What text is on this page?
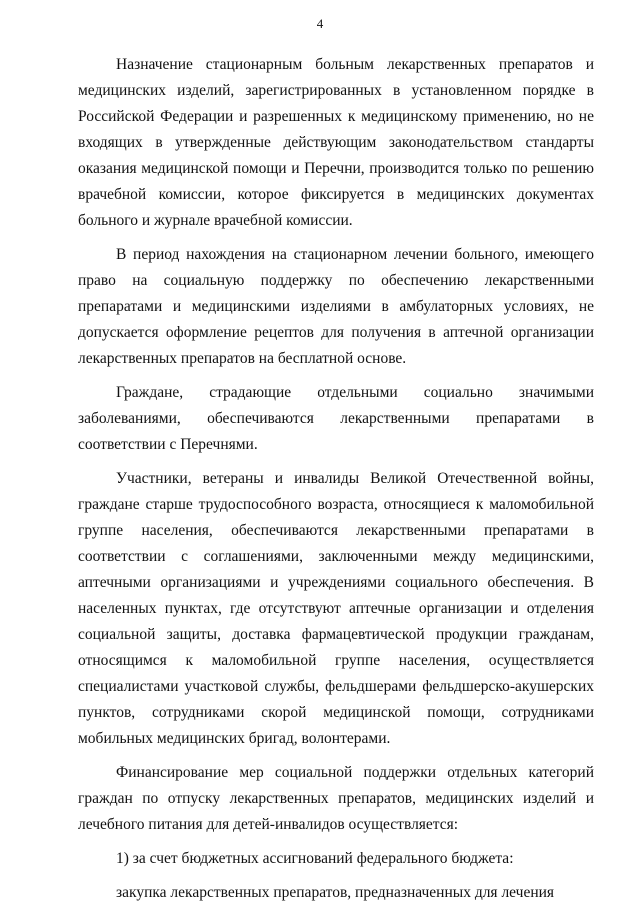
4

Назначение стационарным больным лекарственных препаратов и медицинских изделий, зарегистрированных в установленном порядке в Российской Федерации и разрешенных к медицинскому применению, но не входящих в утвержденные действующим законодательством стандарты оказания медицинской помощи и Перечни, производится только по решению врачебной комиссии, которое фиксируется в медицинских документах больного и журнале врачебной комиссии.

В период нахождения на стационарном лечении больного, имеющего право на социальную поддержку по обеспечению лекарственными препаратами и медицинскими изделиями в амбулаторных условиях, не допускается оформление рецептов для получения в аптечной организации лекарственных препаратов на бесплатной основе.

Граждане, страдающие отдельными социально значимыми заболеваниями, обеспечиваются лекарственными препаратами в соответствии с Перечнями.

Участники, ветераны и инвалиды Великой Отечественной войны, граждане старше трудоспособного возраста, относящиеся к маломобильной группе населения, обеспечиваются лекарственными препаратами в соответствии с соглашениями, заключенными между медицинскими, аптечными организациями и учреждениями социального обеспечения. В населенных пунктах, где отсутствуют аптечные организации и отделения социальной защиты, доставка фармацевтической продукции гражданам, относящимся к маломобильной группе населения, осуществляется специалистами участковой службы, фельдшерами фельдшерско-акушерских пунктов, сотрудниками скорой медицинской помощи, сотрудниками мобильных медицинских бригад, волонтерами.

Финансирование мер социальной поддержки отдельных категорий граждан по отпуску лекарственных препаратов, медицинских изделий и лечебного питания для детей-инвалидов осуществляется:

1) за счет бюджетных ассигнований федерального бюджета:

закупка лекарственных препаратов, предназначенных для лечения
